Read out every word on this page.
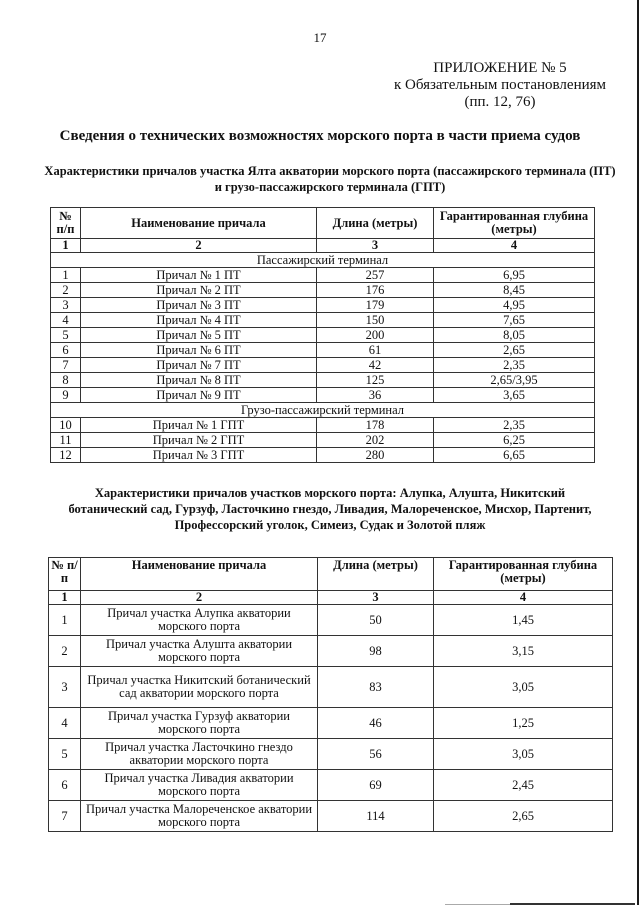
17
ПРИЛОЖЕНИЕ № 5
к Обязательным постановлениям
(пп. 12, 76)
Сведения о технических возможностях морского порта в части приема судов
Характеристики причалов участка Ялта акватории морского порта (пассажирского терминала (ПТ) и грузо-пассажирского терминала (ГПТ)
№ п/п	Наименование причала	Длина (метры)	Гарантированная глубина (метры)
1	2	3	4
Пассажирский терминал			
1	Причал № 1 ПТ	257	6,95
2	Причал № 2 ПТ	176	8,45
3	Причал № 3 ПТ	179	4,95
4	Причал № 4 ПТ	150	7,65
5	Причал № 5 ПТ	200	8,05
6	Причал № 6 ПТ	61	2,65
7	Причал № 7 ПТ	42	2,35
8	Причал № 8 ПТ	125	2,65/3,95
9	Причал № 9 ПТ	36	3,65
Грузо-пассажирский терминал			
10	Причал № 1 ГПТ	178	2,35
11	Причал № 2 ГПТ	202	6,25
12	Причал № 3 ГПТ	280	6,65
Характеристики причалов участков морского порта: Алупка, Алушта, Никитский ботанический сад, Гурзуф, Ласточкино гнездо, Ливадия, Малореченское, Мисхор, Партенит, Профессорский уголок, Симеиз, Судак и Золотой пляж
№ п/п	Наименование причала	Длина (метры)	Гарантированная глубина (метры)
1	2	3	4
1	Причал участка Алупка акватории морского порта	50	1,45
2	Причал участка Алушта акватории морского порта	98	3,15
3	Причал участка Никитский ботанический сад акватории морского порта	83	3,05
4	Причал участка Гурзуф акватории морского порта	46	1,25
5	Причал участка Ласточкино гнездо акватории морского порта	56	3,05
6	Причал участка Ливадия акватории морского порта	69	2,45
7	Причал участка Малореченское акватории морского порта	114	2,65
